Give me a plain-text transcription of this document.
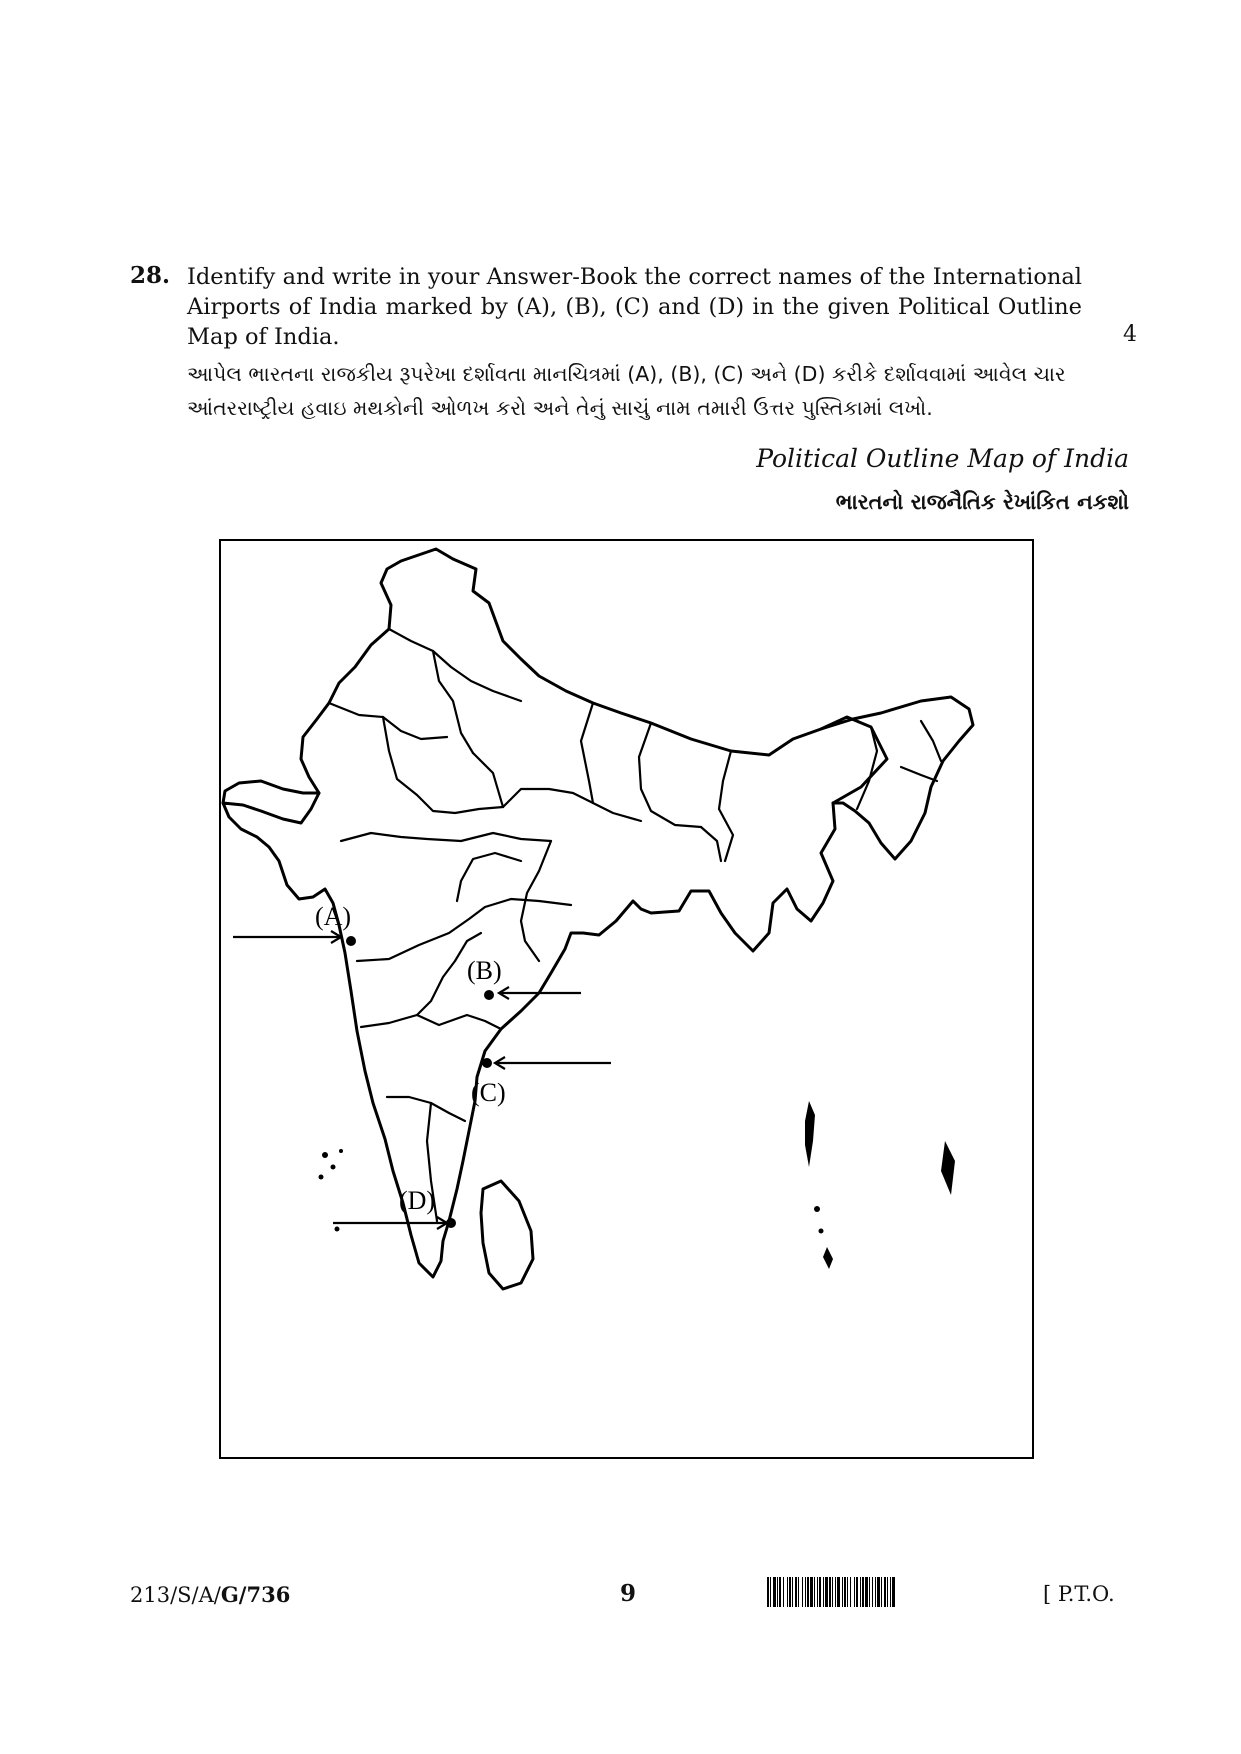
28. Identify and write in your Answer-Book the correct names of the International Airports of India marked by (A), (B), (C) and (D) in the given Political Outline Map of India.	4
આપેલ ભારતના રાજકીય રૂપરેખા દર્શાવતા માનચિત્રમાં (A), (B), (C) અને (D) કરીકે દર્શાવવામાં આવેલ ચાર આંતરરાષ્ટ્રીય હવાઇ મથકોની ઓળખ કરો અને તેનું સાચું નામ તમારી ઉત્તર પુસ્તિકામાં લખો.
Political Outline Map of India
ભારતનો રાજનૈતિક રેખાંકિત નકશો
(A)
(B)
(C)
(D)
213/S/A/G/736	9	[ P.T.O.
